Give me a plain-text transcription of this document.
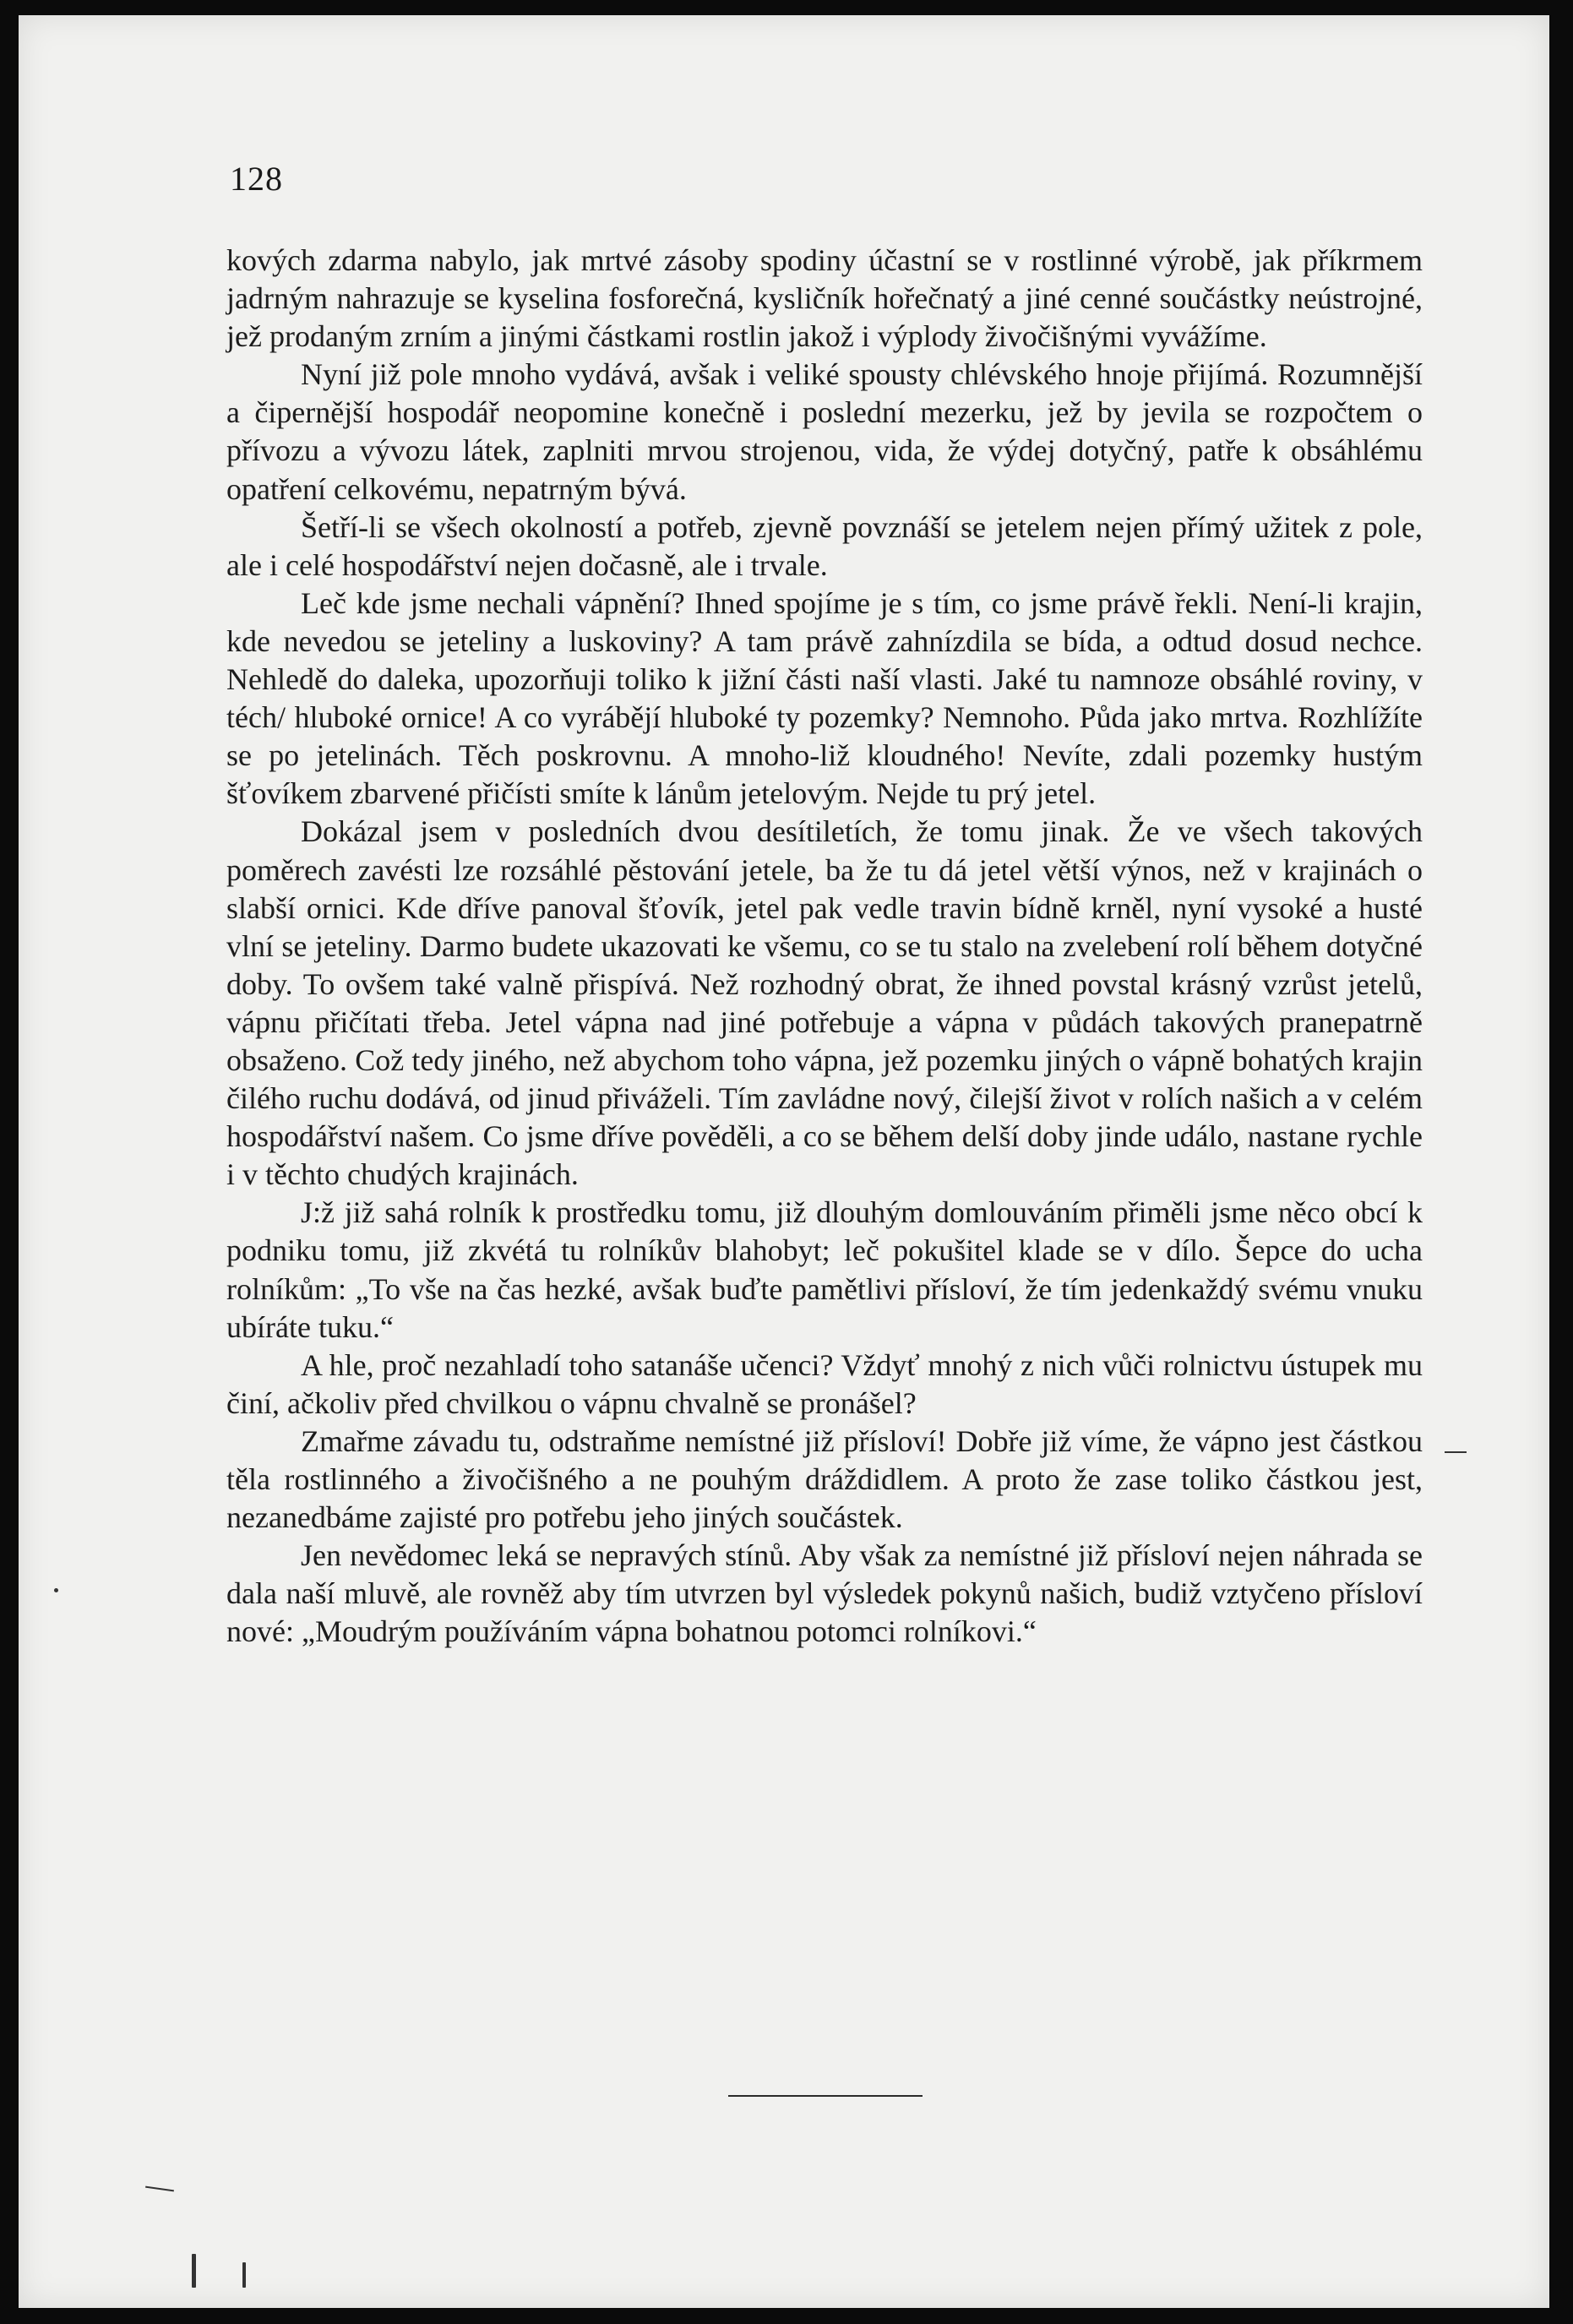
128

kových zdarma nabylo, jak mrtvé zásoby spodiny účastní se v rostlinné výrobě, jak příkrmem jadrným nahrazuje se kyselina fosforečná, kysličník hořečnatý a jiné cenné součástky neústrojné, jež prodaným zrním a jinými částkami rostlin jakož i výplody živočišnými vyvážíme.

Nyní již pole mnoho vydává, avšak i veliké spousty chlévského hnoje přijímá. Rozumnější a čipernější hospodář neopomine konečně i poslední mezerku, jež by jevila se rozpočtem o přívozu a vývozu látek, zaplniti mrvou strojenou, vida, že výdej dotyčný, patře k obsáhlému opatření celkovému, nepatrným bývá.

Šetří-li se všech okolností a potřeb, zjevně povznáší se jetelem nejen přímý užitek z pole, ale i celé hospodářství nejen dočasně, ale i trvale.

Leč kde jsme nechali vápnění? Ihned spojíme je s tím, co jsme právě řekli. Není-li krajin, kde nevedou se jeteliny a luskoviny? A tam právě zahnízdila se bída, a odtud dosud nechce. Nehledě do daleka, upozorňuji toliko k jižní části naší vlasti. Jaké tu namnoze obsáhlé roviny, v téch/ hluboké ornice! A co vyrábějí hluboké ty pozemky? Nemnoho. Půda jako mrtva. Rozhlížíte se po jetelinách. Těch poskrovnu. A mnoho-liž kloudného! Nevíte, zdali pozemky hustým šťovíkem zbarvené přičísti smíte k lánům jetelovým. Nejde tu prý jetel.

Dokázal jsem v posledních dvou desítiletích, že tomu jinak. Že ve všech takových poměrech zavésti lze rozsáhlé pěstování jetele, ba že tu dá jetel větší výnos, než v krajinách o slabší ornici. Kde dříve panoval šťovík, jetel pak vedle travin bídně krněl, nyní vysoké a husté vlní se jeteliny. Darmo budete ukazovati ke všemu, co se tu stalo na zvelebení rolí během dotyčné doby. To ovšem také valně přispívá. Než rozhodný obrat, že ihned povstal krásný vzrůst jetelů, vápnu přičítati třeba. Jetel vápna nad jiné potřebuje a vápna v půdách takových pranepatrně obsaženo. Což tedy jiného, než abychom toho vápna, jež pozemku jiných o vápně bohatých krajin čilého ruchu dodává, od jinud přiváželi. Tím zavládne nový, čilejší život v rolích našich a v celém hospodářství našem. Co jsme dříve pověděli, a co se během delší doby jinde událo, nastane rychle i v těchto chudých krajinách.

J:ž již sahá rolník k prostředku tomu, již dlouhým domlouváním přiměli jsme něco obcí k podniku tomu, již zkvétá tu rolníkův blahobyt; leč pokušitel klade se v dílo. Šepce do ucha rolníkům: „To vše na čas hezké, avšak buďte pamětlivi přísloví, že tím jedenkaždý svému vnuku ubíráte tuku.“

A hle, proč nezahladí toho satanáše učenci? Vždyť mnohý z nich vůči rolnictvu ústupek mu činí, ačkoliv před chvilkou o vápnu chvalně se pronášel?

Zmařme závadu tu, odstraňme nemístné již přísloví! Dobře již víme, že vápno jest částkou těla rostlinného a živočišného a ne pouhým dráždidlem. A proto že zase toliko částkou jest, nezanedbáme zajisté pro potřebu jeho jiných součástek.

Jen nevědomec leká se nepravých stínů. Aby však za nemístné již přísloví nejen náhrada se dala naší mluvě, ale rovněž aby tím utvrzen byl výsledek pokynů našich, budiž vztyčeno přísloví nové: „Moudrým používáním vápna bohatnou potomci rolníkovi.“
